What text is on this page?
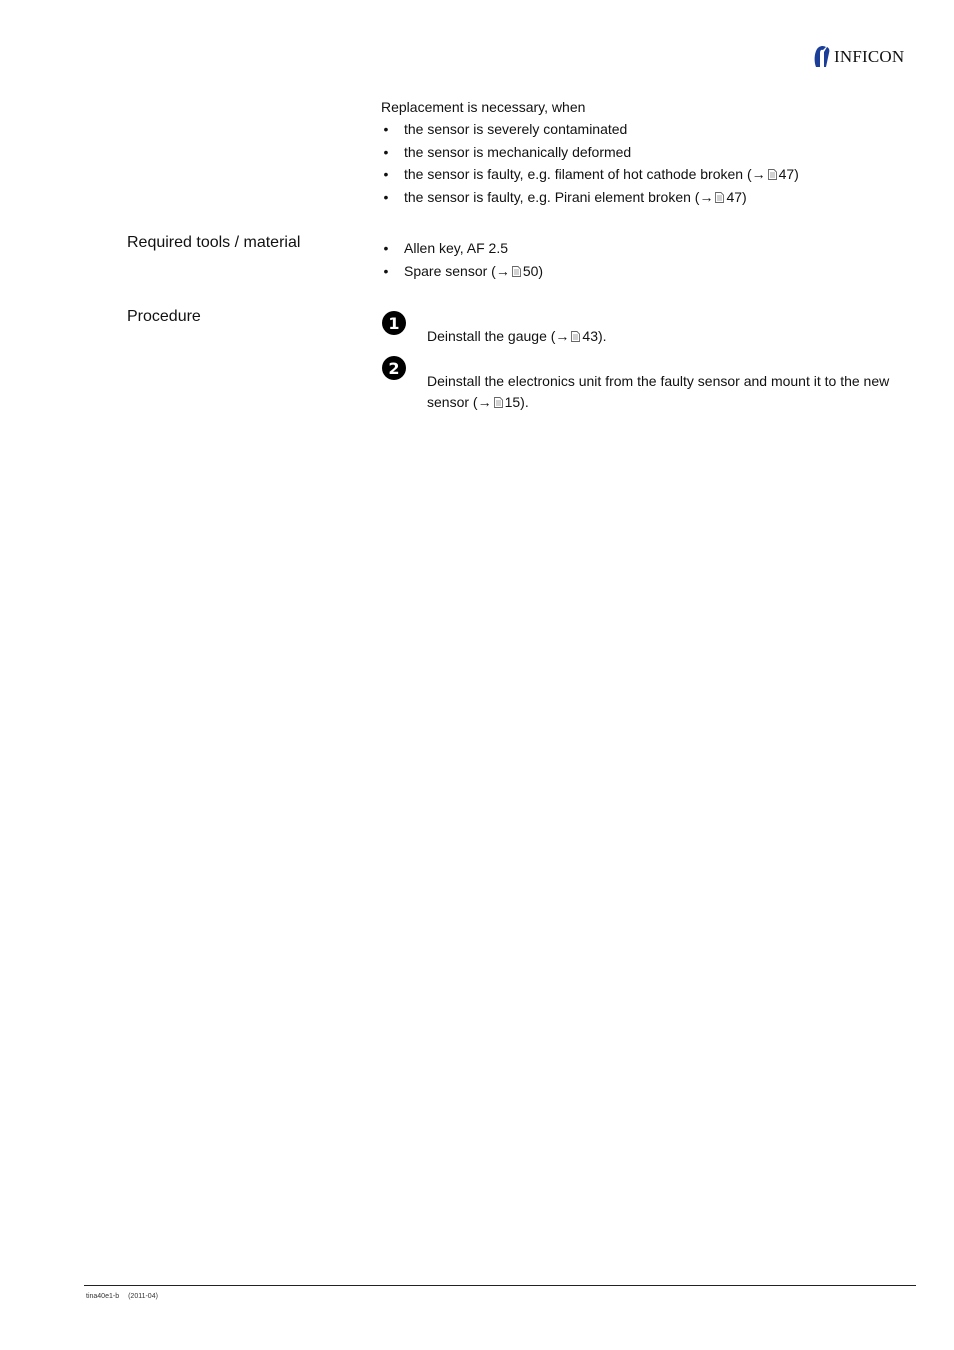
INFICON

Replacement is necessary, when

• the sensor is severely contaminated
• the sensor is mechanically deformed
• the sensor is faulty, e.g. filament of hot cathode broken (→ 47)
• the sensor is faulty, e.g. Pirani element broken (→ 47)
Required tools / material	• Allen key, AF 2.5
• Spare sensor (→ 50)
Procedure	1
Deinstall the gauge (→ 43).
2
Deinstall the electronics unit from the faulty sensor and mount it to the new sensor (→ 15).
tina40e1-b (2011-04)
